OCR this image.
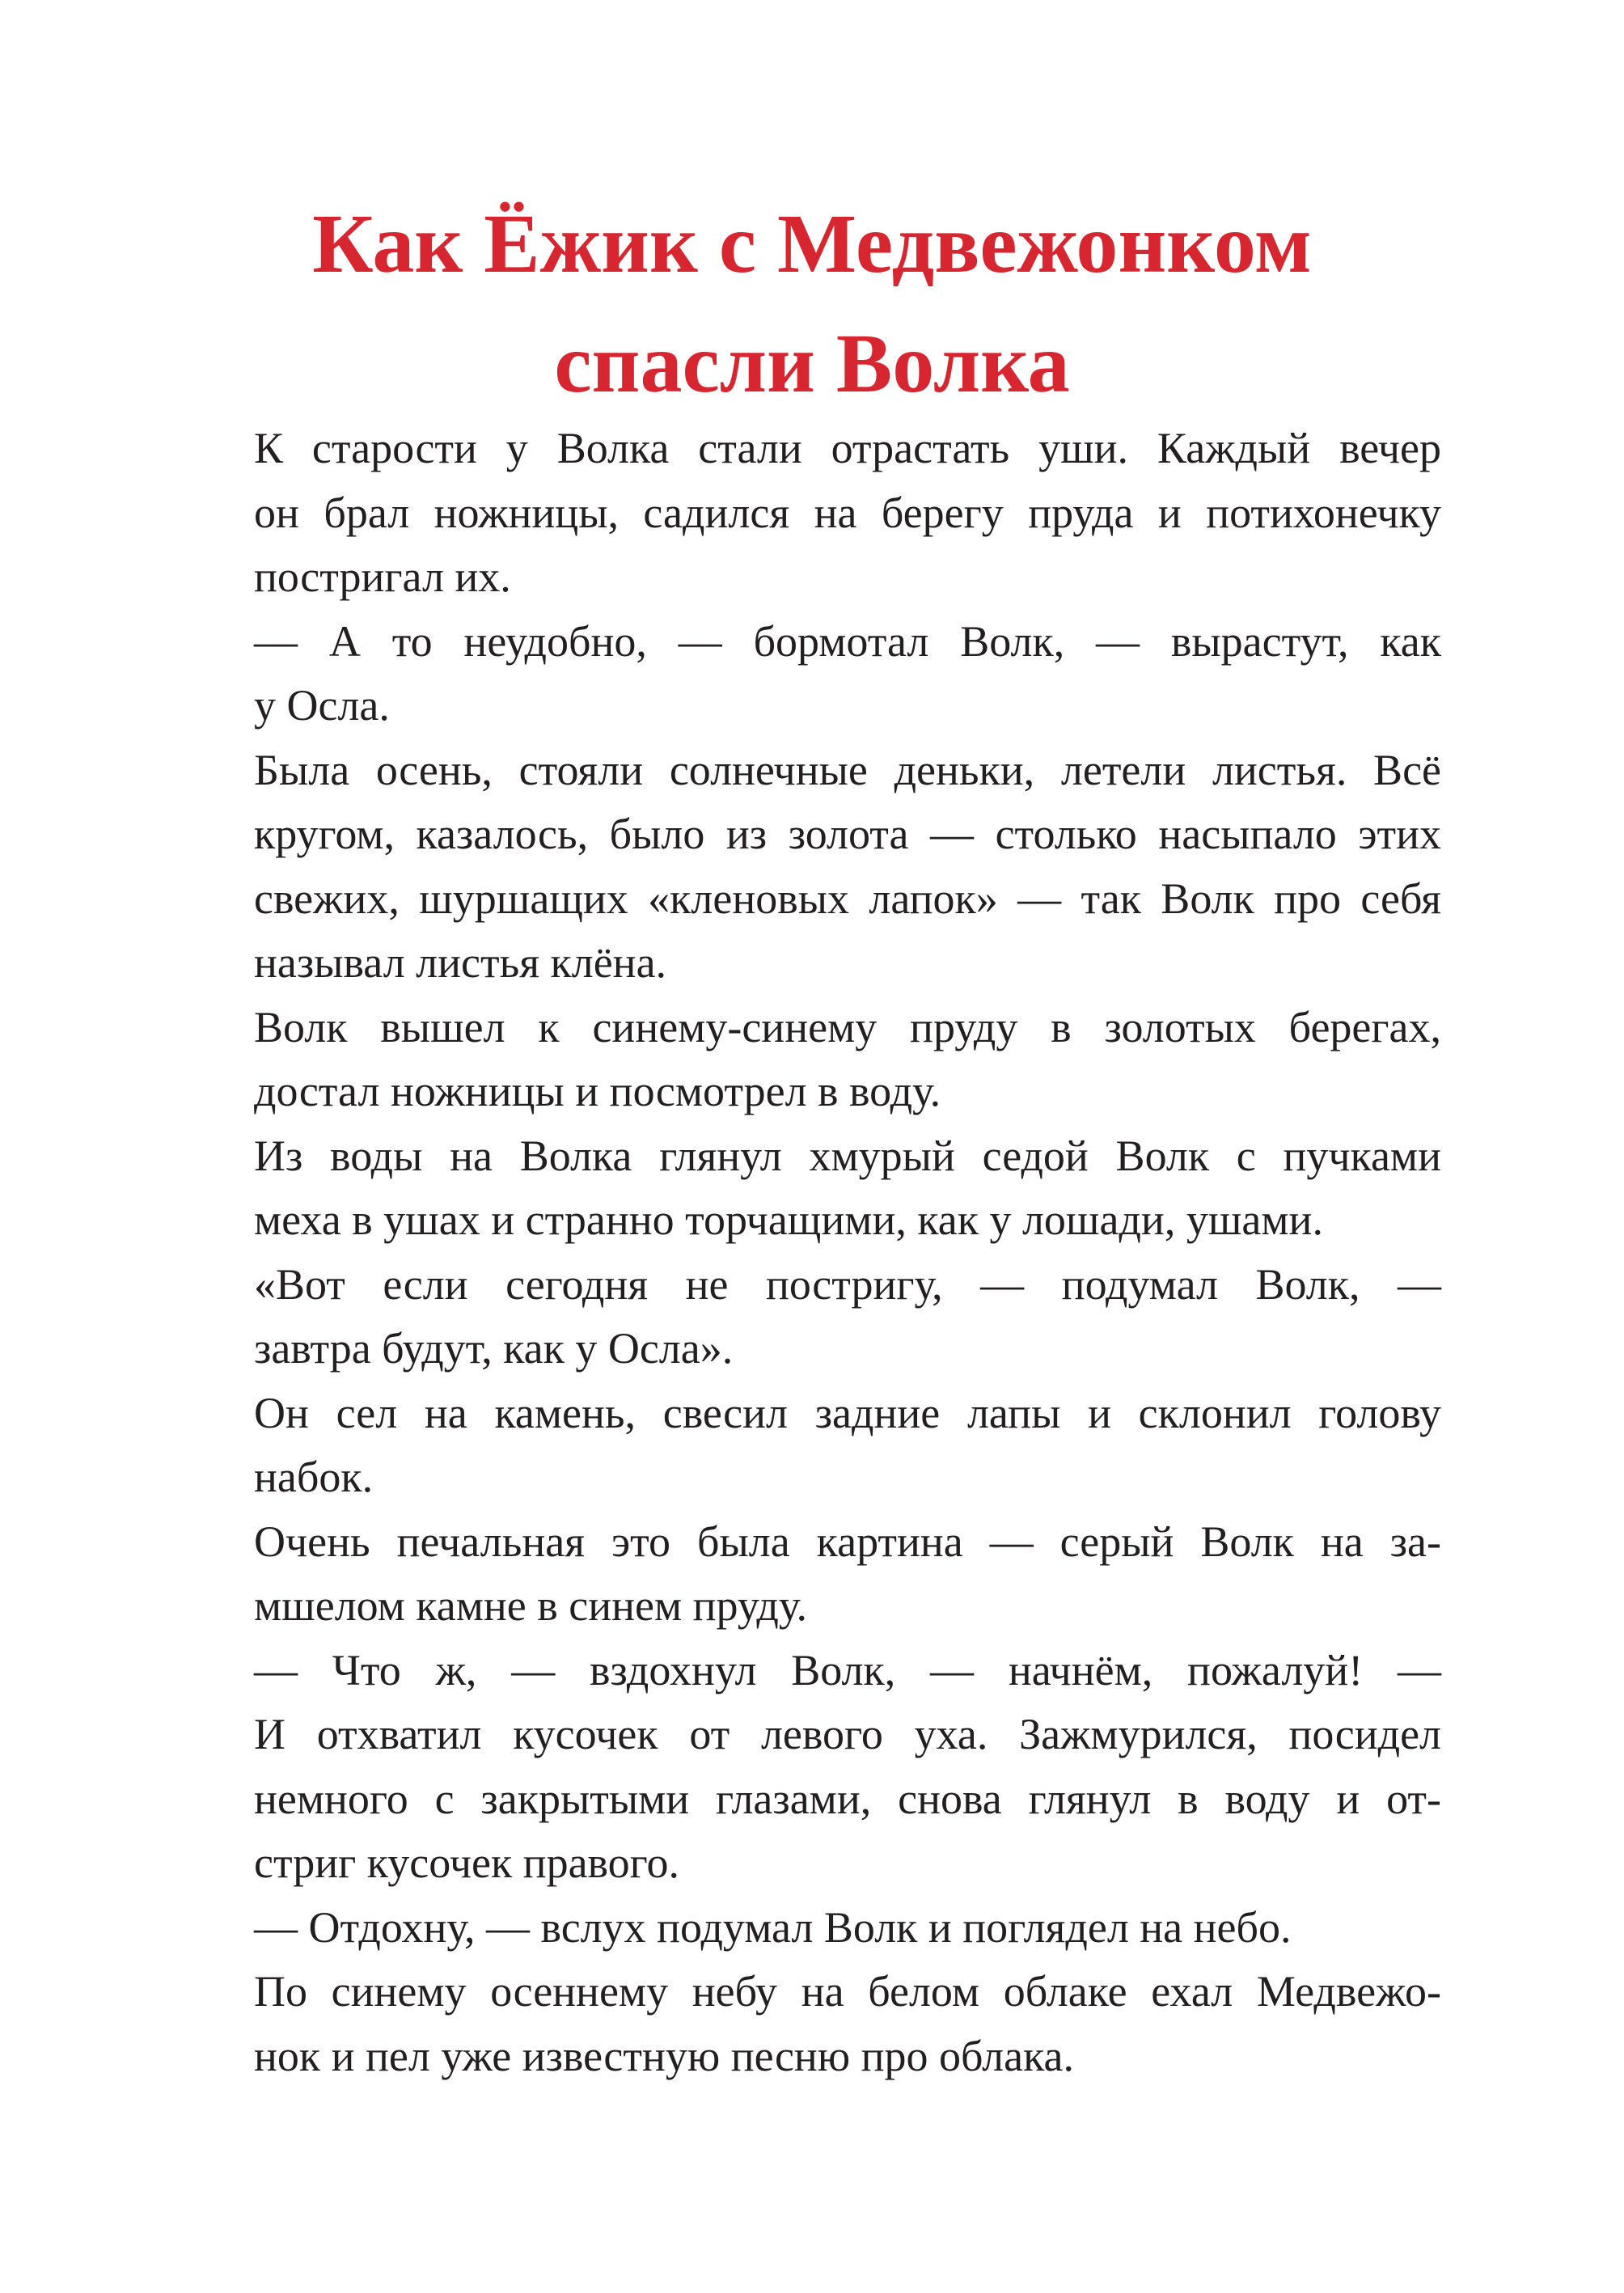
Как Ёжик с Медвежонком
спасли Волка

К старости у Волка стали отрастать уши. Каждый вечер
он брал ножницы, садился на берегу пруда и потихонечку
постригал их.

— А то неудобно, — бормотал Волк, — вырастут, как
у Осла.

Была осень, стояли солнечные деньки, летели листья. Всё
кругом, казалось, было из золота — столько насыпало этих
свежих, шуршащих «кленовых лапок» — так Волк про себя
называл листья клёна.

Волк вышел к синему-синему пруду в золотых берегах,
достал ножницы и посмотрел в воду.

Из воды на Волка глянул хмурый седой Волк с пучками
меха в ушах и странно торчащими, как у лошади, ушами.

«Вот если сегодня не постригу, — подумал Волк, —
завтра будут, как у Осла».

Он сел на камень, свесил задние лапы и склонил голову
набок.

Очень печальная это была картина — серый Волк на за-
мшелом камне в синем пруду.

— Что ж, — вздохнул Волк, — начнём, пожалуй! —
И отхватил кусочек от левого уха. Зажмурился, посидел
немного с закрытыми глазами, снова глянул в воду и от-
стриг кусочек правого.

— Отдохну, — вслух подумал Волк и поглядел на небо.

По синему осеннему небу на белом облаке ехал Медвежо-
нок и пел уже известную песню про облака.
